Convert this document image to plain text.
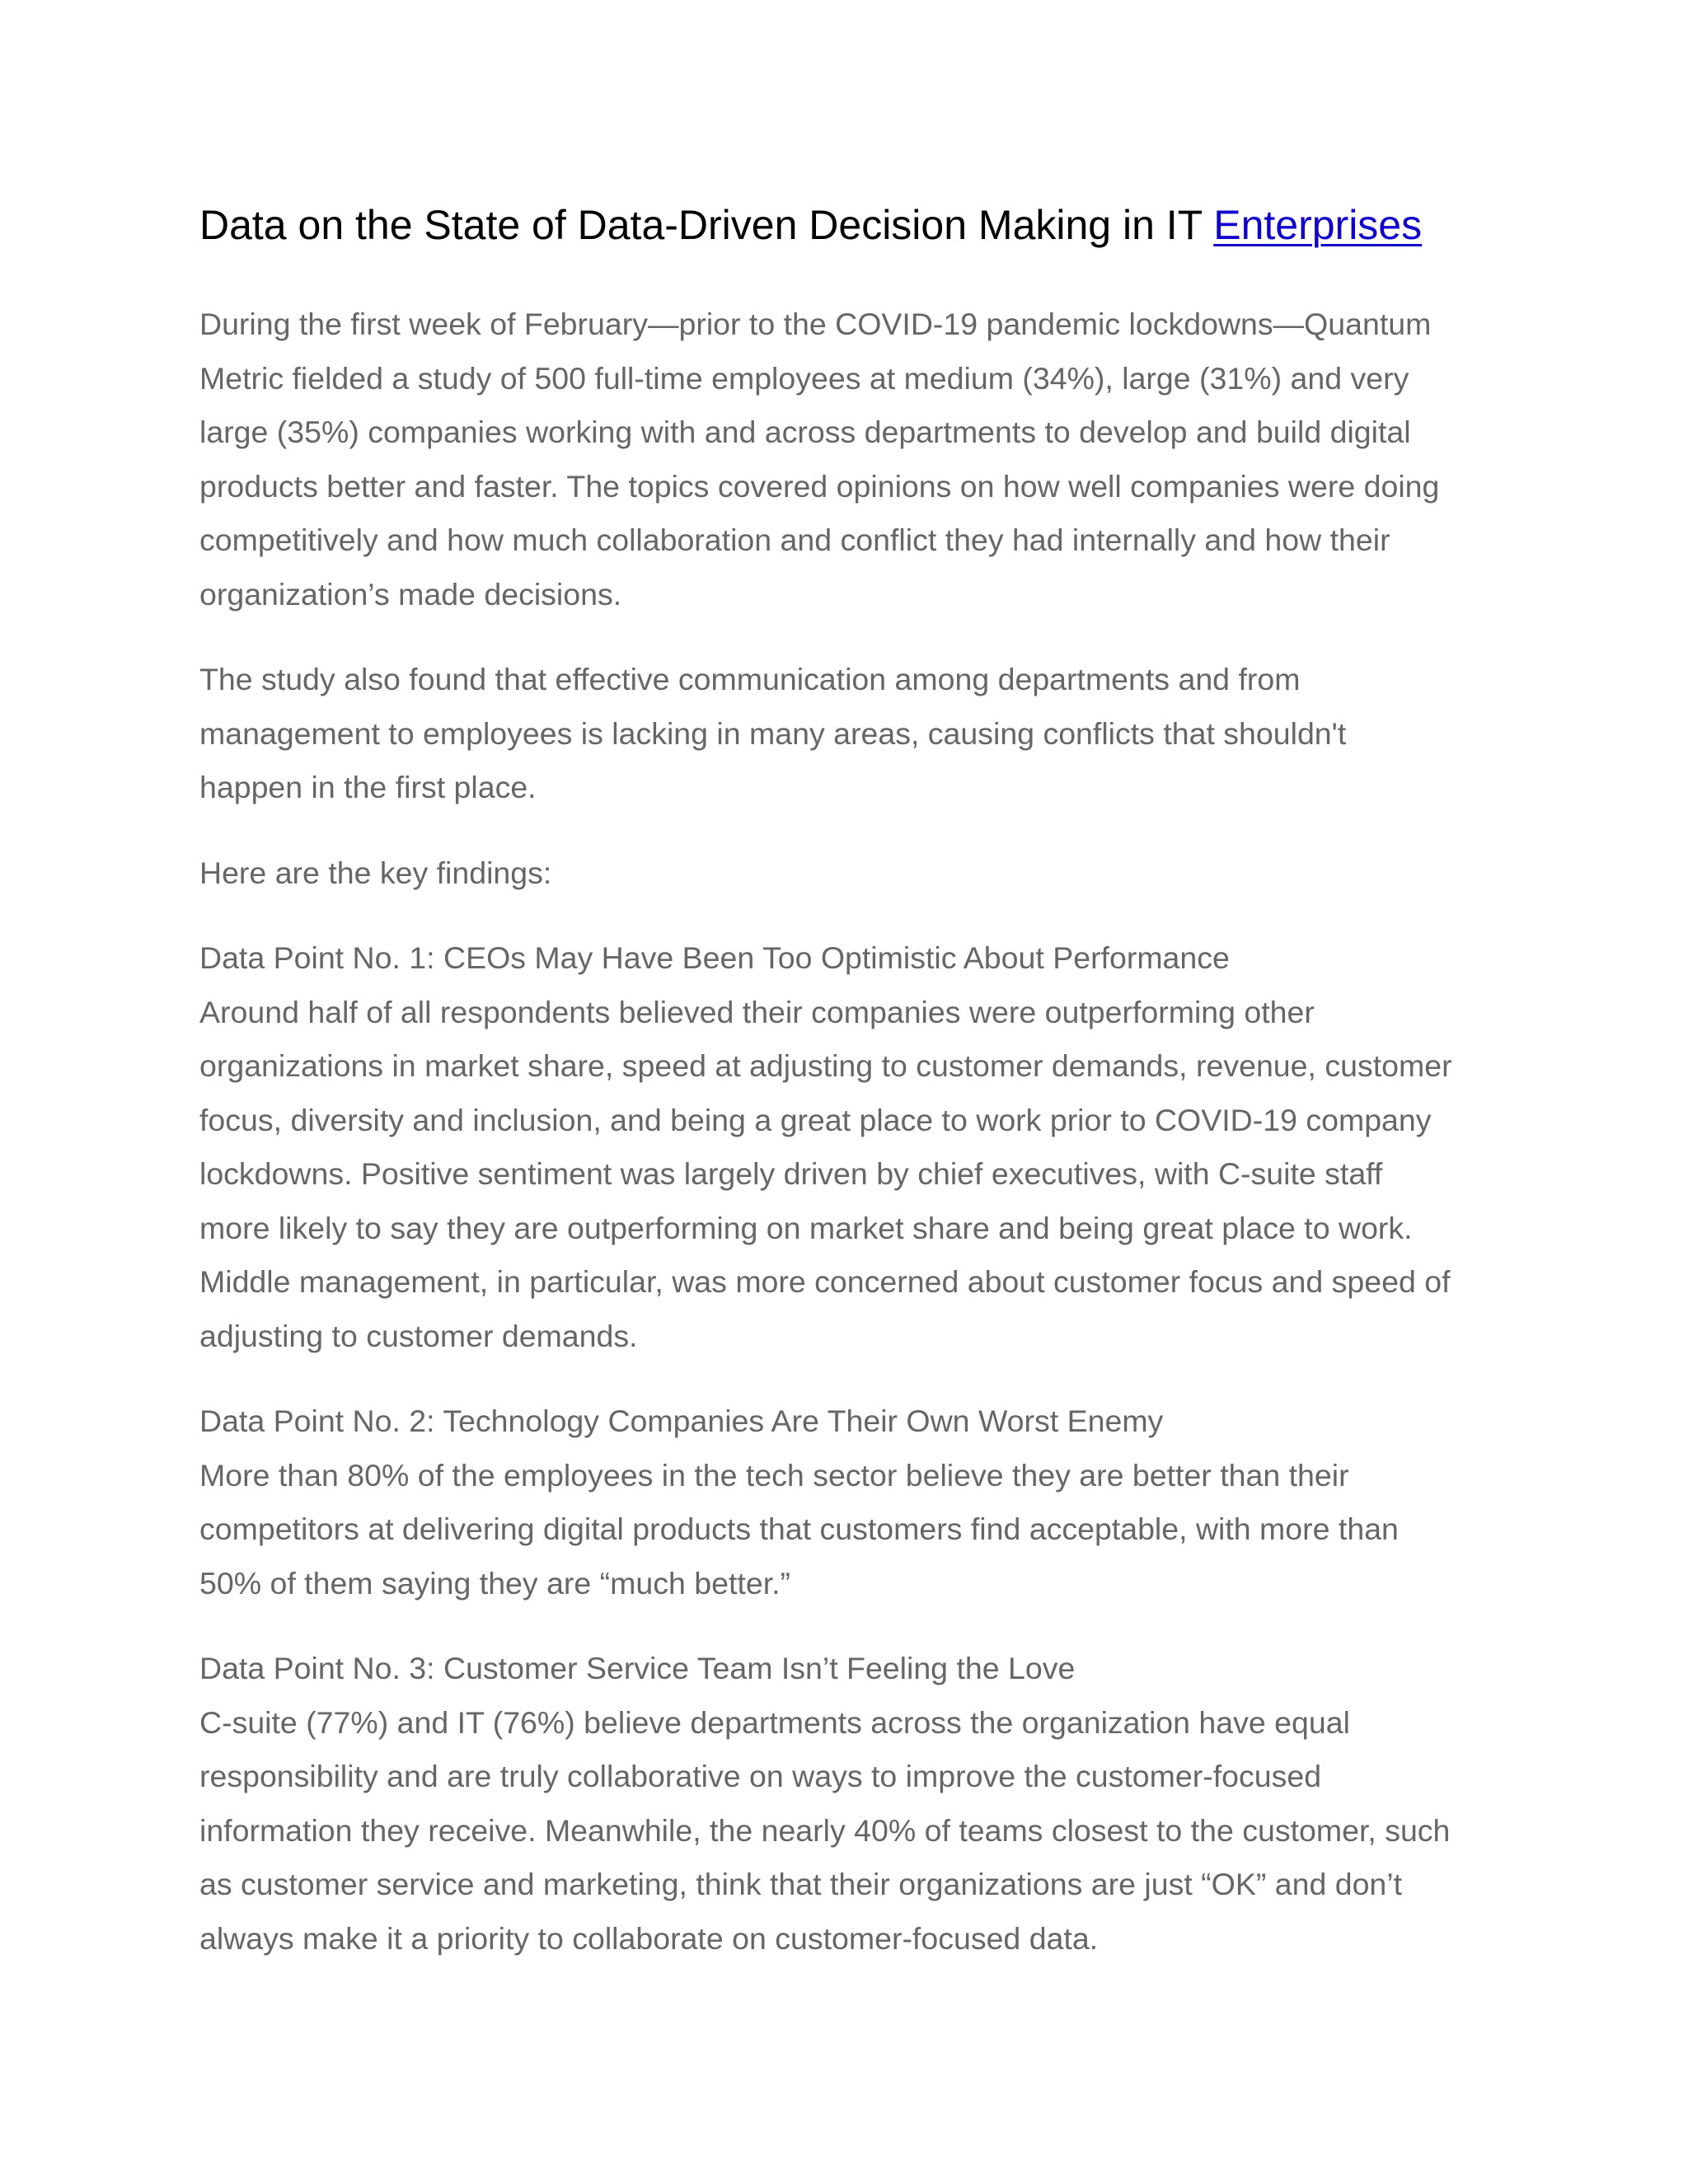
Data on the State of Data-Driven Decision Making in IT Enterprises

During the first week of February—prior to the COVID-19 pandemic lockdowns—Quantum
Metric fielded a study of 500 full-time employees at medium (34%), large (31%) and very
large (35%) companies working with and across departments to develop and build digital
products better and faster. The topics covered opinions on how well companies were doing
competitively and how much collaboration and conflict they had internally and how their
organization’s made decisions.

The study also found that effective communication among departments and from
management to employees is lacking in many areas, causing conflicts that shouldn't
happen in the first place.

Here are the key findings:

Data Point No. 1: CEOs May Have Been Too Optimistic About Performance
Around half of all respondents believed their companies were outperforming other
organizations in market share, speed at adjusting to customer demands, revenue, customer
focus, diversity and inclusion, and being a great place to work prior to COVID-19 company
lockdowns. Positive sentiment was largely driven by chief executives, with C-suite staff
more likely to say they are outperforming on market share and being great place to work.
Middle management, in particular, was more concerned about customer focus and speed of
adjusting to customer demands.

Data Point No. 2: Technology Companies Are Their Own Worst Enemy
More than 80% of the employees in the tech sector believe they are better than their
competitors at delivering digital products that customers find acceptable, with more than
50% of them saying they are “much better.”

Data Point No. 3: Customer Service Team Isn’t Feeling the Love
C-suite (77%) and IT (76%) believe departments across the organization have equal
responsibility and are truly collaborative on ways to improve the customer-focused
information they receive. Meanwhile, the nearly 40% of teams closest to the customer, such
as customer service and marketing, think that their organizations are just “OK” and don’t
always make it a priority to collaborate on customer-focused data.
